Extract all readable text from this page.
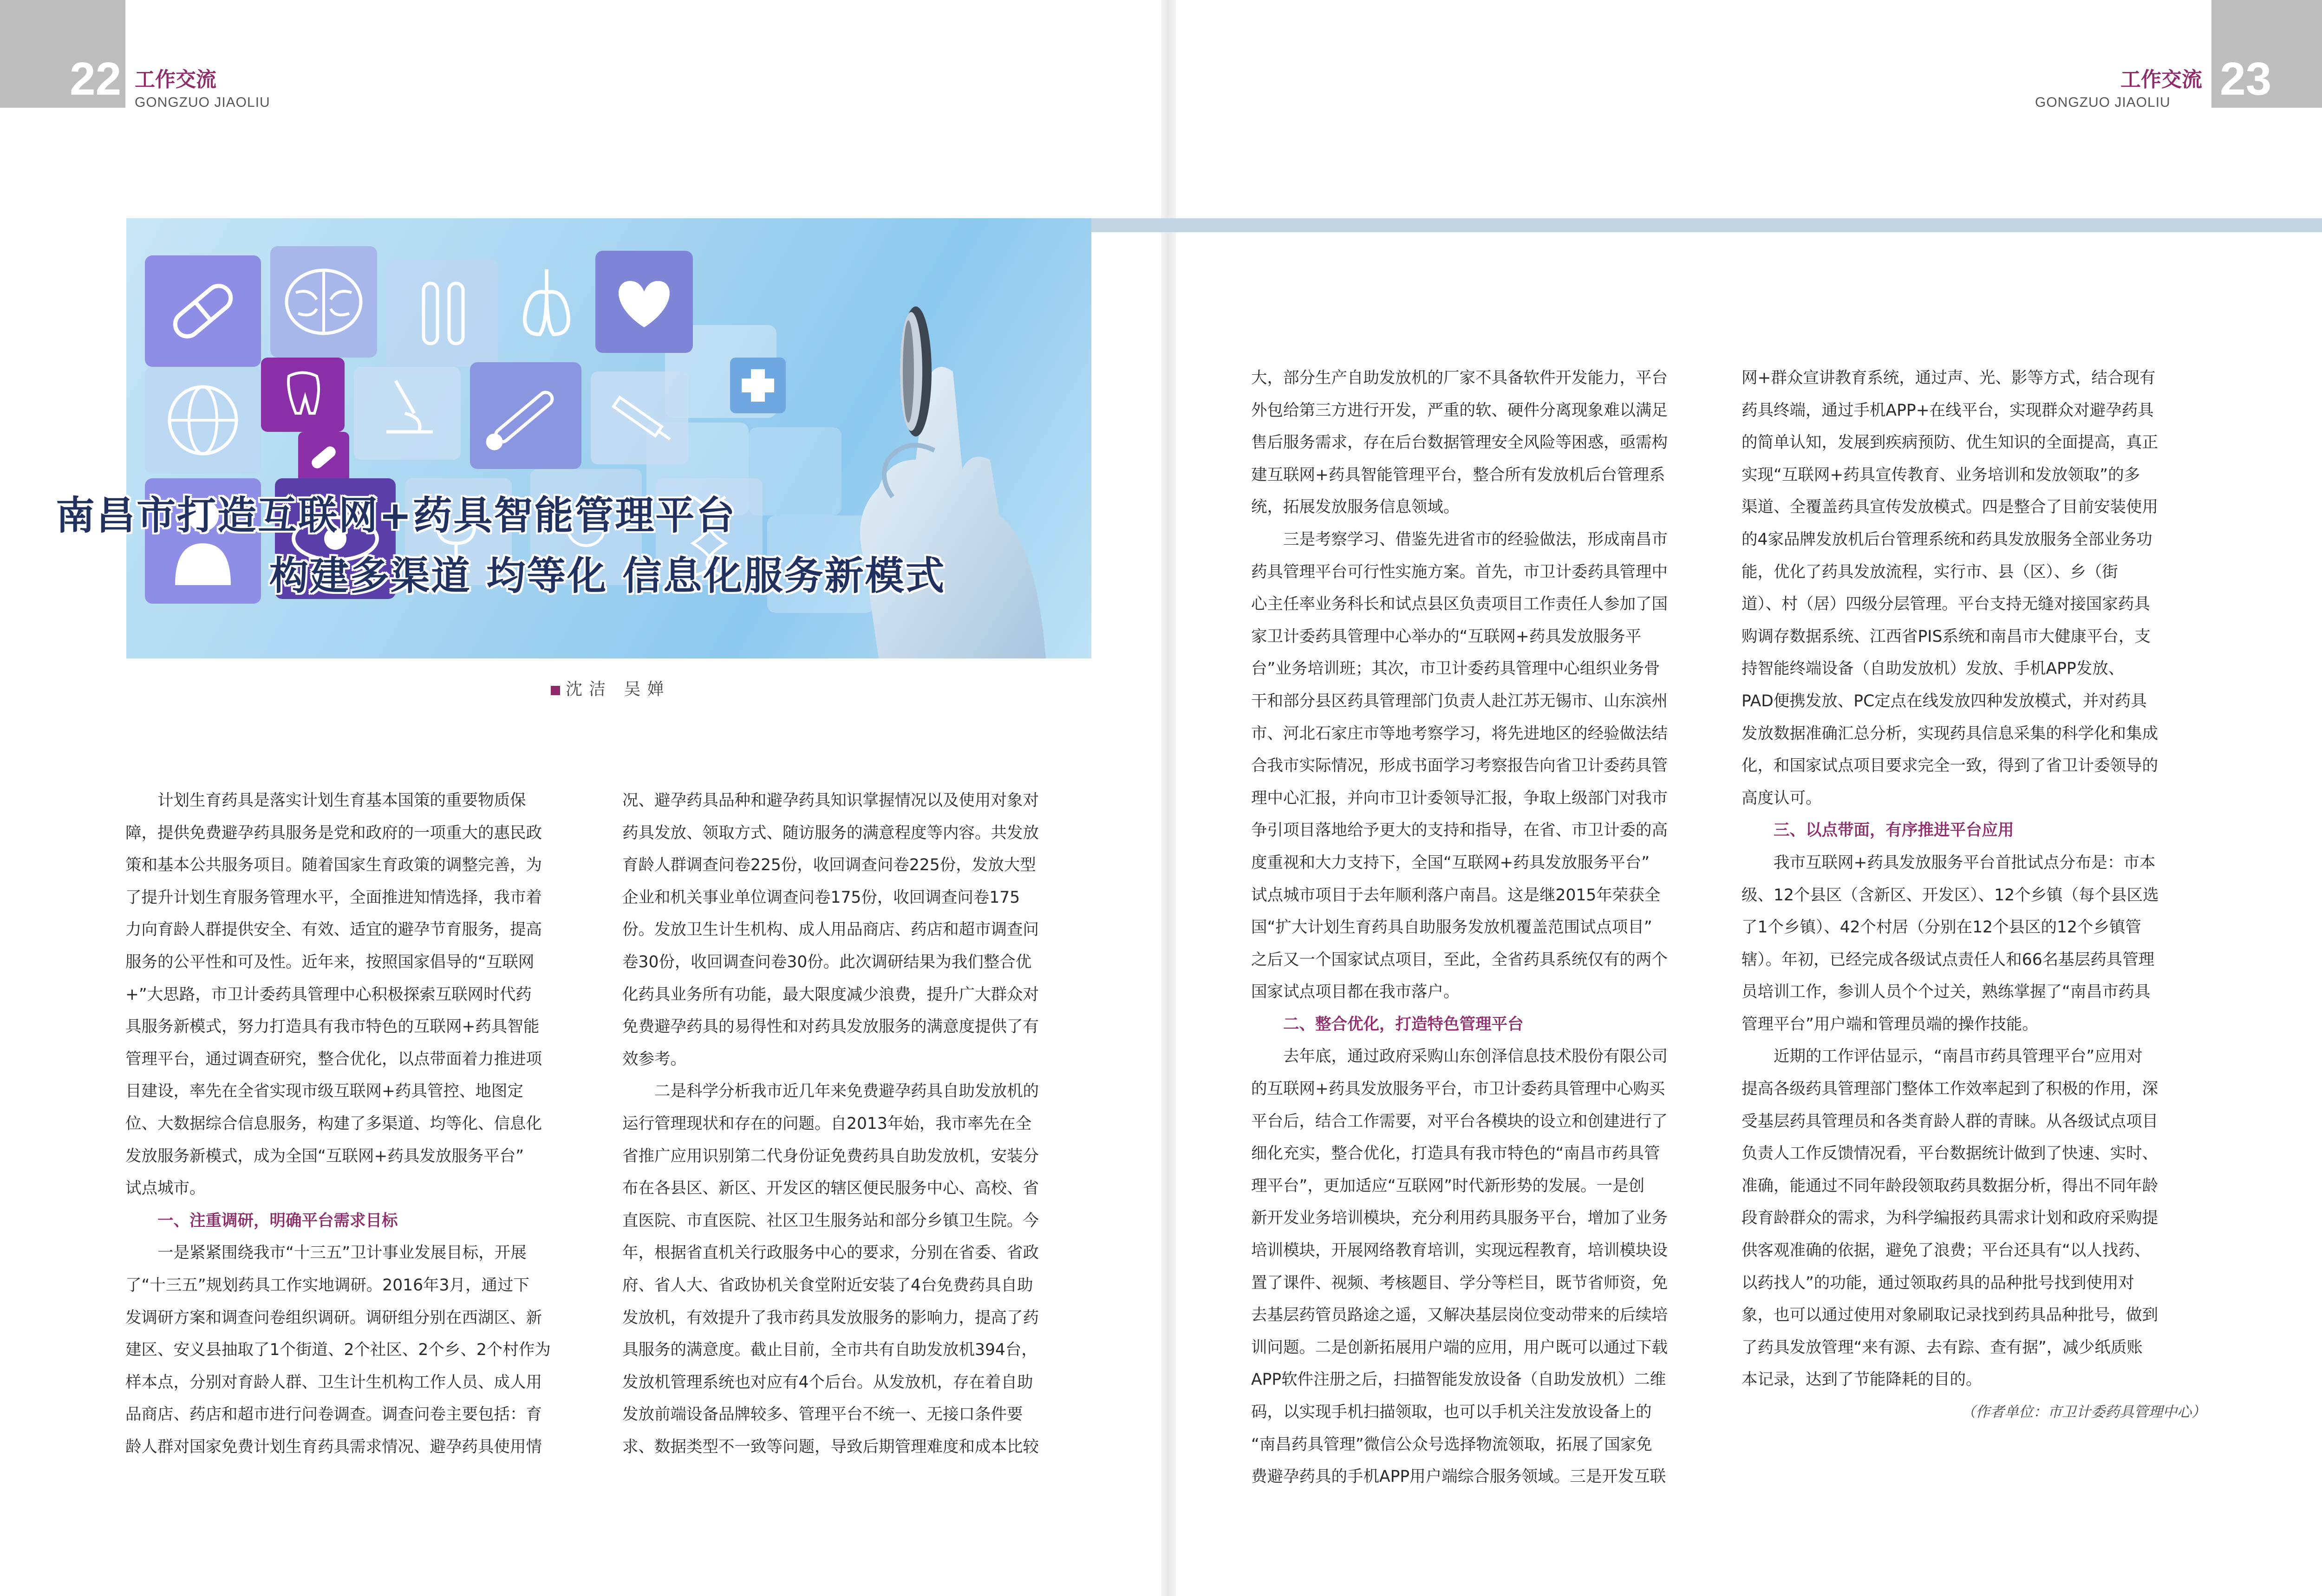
22 工作交流
GONGZUO JIAOLIU	23
工作交流
GONGZUO JIAOLIU
南昌市打造互联网+药具智能管理平台
构建多渠道 均等化 信息化服务新模式
沈洁 吴婵

计划生育药具是落实计划生育基本国策的重要物质保

障，提供免费避孕药具服务是党和政府的一项重大的惠民政

策和基本公共服务项目。随着国家生育政策的调整完善，为

了提升计划生育服务管理水平，全面推进知情选择，我市着

力向育龄人群提供安全、有效、适宜的避孕节育服务，提高

服务的公平性和可及性。近年来，按照国家倡导的“互联网

+”大思路，市卫计委药具管理中心积极探索互联网时代药

具服务新模式，努力打造具有我市特色的互联网+药具智能

管理平台，通过调查研究，整合优化，以点带面着力推进项

目建设，率先在全省实现市级互联网+药具管控、地图定

位、大数据综合信息服务，构建了多渠道、均等化、信息化

发放服务新模式，成为全国“互联网+药具发放服务平台”

试点城市。

一、注重调研，明确平台需求目标

一是紧紧围绕我市“十三五”卫计事业发展目标，开展

了“十三五”规划药具工作实地调研。2016年3月，通过下

发调研方案和调查问卷组织调研。调研组分别在西湖区、新

建区、安义县抽取了1个街道、2个社区、2个乡、2个村作为

样本点，分别对育龄人群、卫生计生机构工作人员、成人用

品商店、药店和超市进行问卷调查。调查问卷主要包括：育

龄人群对国家免费计划生育药具需求情况、避孕药具使用情

况、避孕药具品种和避孕药具知识掌握情况以及使用对象对

药具发放、领取方式、随访服务的满意程度等内容。共发放

育龄人群调查问卷225份，收回调查问卷225份，发放大型

企业和机关事业单位调查问卷175份，收回调查问卷175

份。发放卫生计生机构、成人用品商店、药店和超市调查问

卷30份，收回调查问卷30份。此次调研结果为我们整合优

化药具业务所有功能，最大限度减少浪费，提升广大群众对

免费避孕药具的易得性和对药具发放服务的满意度提供了有

效参考。

二是科学分析我市近几年来免费避孕药具自助发放机的

运行管理现状和存在的问题。自2013年始，我市率先在全

省推广应用识别第二代身份证免费药具自助发放机，安装分

布在各县区、新区、开发区的辖区便民服务中心、高校、省

直医院、市直医院、社区卫生服务站和部分乡镇卫生院。今

年，根据省直机关行政服务中心的要求，分别在省委、省政

府、省人大、省政协机关食堂附近安装了4台免费药具自助

发放机，有效提升了我市药具发放服务的影响力，提高了药

具服务的满意度。截止目前，全市共有自助发放机394台，

发放机管理系统也对应有4个后台。从发放机，存在着自助

发放前端设备品牌较多、管理平台不统一、无接口条件要

求、数据类型不一致等问题，导致后期管理难度和成本比较

大，部分生产自助发放机的厂家不具备软件开发能力，平台

外包给第三方进行开发，严重的软、硬件分离现象难以满足

售后服务需求，存在后台数据管理安全风险等困惑，亟需构

建互联网+药具智能管理平台，整合所有发放机后台管理系

统，拓展发放服务信息领域。

三是考察学习、借鉴先进省市的经验做法，形成南昌市

药具管理平台可行性实施方案。首先，市卫计委药具管理中

心主任率业务科长和试点县区负责项目工作责任人参加了国

家卫计委药具管理中心举办的“互联网+药具发放服务平

台”业务培训班；其次，市卫计委药具管理中心组织业务骨

干和部分县区药具管理部门负责人赴江苏无锡市、山东滨州

市、河北石家庄市等地考察学习，将先进地区的经验做法结

合我市实际情况，形成书面学习考察报告向省卫计委药具管

理中心汇报，并向市卫计委领导汇报，争取上级部门对我市

争引项目落地给予更大的支持和指导，在省、市卫计委的高

度重视和大力支持下，全国“互联网+药具发放服务平台”

试点城市项目于去年顺利落户南昌。这是继2015年荣获全

国“扩大计划生育药具自助服务发放机覆盖范围试点项目”

之后又一个国家试点项目，至此，全省药具系统仅有的两个

国家试点项目都在我市落户。

二、整合优化，打造特色管理平台

去年底，通过政府采购山东创泽信息技术股份有限公司

的互联网+药具发放服务平台，市卫计委药具管理中心购买

平台后，结合工作需要，对平台各模块的设立和创建进行了

细化充实，整合优化，打造具有我市特色的“南昌市药具管

理平台”，更加适应“互联网”时代新形势的发展。一是创

新开发业务培训模块，充分利用药具服务平台，增加了业务

培训模块，开展网络教育培训，实现远程教育，培训模块设

置了课件、视频、考核题目、学分等栏目，既节省师资，免

去基层药管员路途之遥，又解决基层岗位变动带来的后续培

训问题。二是创新拓展用户端的应用，用户既可以通过下载

APP软件注册之后，扫描智能发放设备（自助发放机）二维

码，以实现手机扫描领取，也可以手机关注发放设备上的

“南昌药具管理”微信公众号选择物流领取，拓展了国家免

费避孕药具的手机APP用户端综合服务领域。三是开发互联

网+群众宣讲教育系统，通过声、光、影等方式，结合现有

药具终端，通过手机APP+在线平台，实现群众对避孕药具

的简单认知，发展到疾病预防、优生知识的全面提高，真正

实现“互联网+药具宣传教育、业务培训和发放领取”的多

渠道、全覆盖药具宣传发放模式。四是整合了目前安装使用

的4家品牌发放机后台管理系统和药具发放服务全部业务功

能，优化了药具发放流程，实行市、县（区）、乡（街

道）、村（居）四级分层管理。平台支持无缝对接国家药具

购调存数据系统、江西省PIS系统和南昌市大健康平台，支

持智能终端设备（自助发放机）发放、手机APP发放、

PAD便携发放、PC定点在线发放四种发放模式，并对药具

发放数据准确汇总分析，实现药具信息采集的科学化和集成

化，和国家试点项目要求完全一致，得到了省卫计委领导的

高度认可。

三、以点带面，有序推进平台应用

我市互联网+药具发放服务平台首批试点分布是：市本

级、12个县区（含新区、开发区）、12个乡镇（每个县区选

了1个乡镇）、42个村居（分别在12个县区的12个乡镇管

辖）。年初，已经完成各级试点责任人和66名基层药具管理

员培训工作，参训人员个个过关，熟练掌握了“南昌市药具

管理平台”用户端和管理员端的操作技能。

近期的工作评估显示，“南昌市药具管理平台”应用对

提高各级药具管理部门整体工作效率起到了积极的作用，深

受基层药具管理员和各类育龄人群的青睐。从各级试点项目

负责人工作反馈情况看，平台数据统计做到了快速、实时、

准确，能通过不同年龄段领取药具数据分析，得出不同年龄

段育龄群众的需求，为科学编报药具需求计划和政府采购提

供客观准确的依据，避免了浪费；平台还具有“以人找药、

以药找人”的功能，通过领取药具的品种批号找到使用对

象，也可以通过使用对象刷取记录找到药具品种批号，做到

了药具发放管理“来有源、去有踪、查有据”，减少纸质账

本记录，达到了节能降耗的目的。

（作者单位：市卫计委药具管理中心）
